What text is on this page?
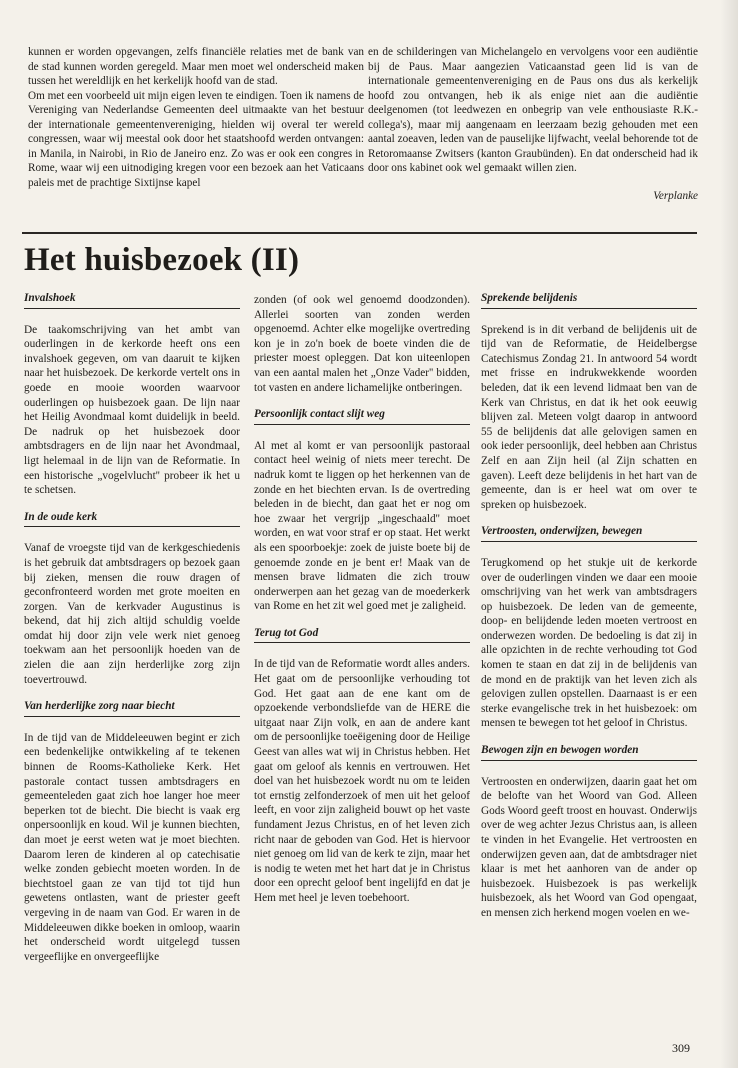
kunnen er worden opgevangen, zelfs financiële relaties met de bank van de stad kunnen worden geregeld. Maar men moet wel onderscheid maken tussen het wereldlijk en het kerkelijk hoofd van de stad.

Om met een voorbeeld uit mijn eigen leven te eindigen. Toen ik namens de Vereniging van Nederlandse Gemeenten deel uitmaakte van het bestuur der internationale gemeentenvereniging, hielden wij overal ter wereld congressen, waar wij meestal ook door het staatshoofd werden ontvangen: in Manila, in Nairobi, in Rio de Janeiro enz. Zo was er ook een congres in Rome, waar wij een uitnodiging kregen voor een bezoek aan het Vaticaans paleis met de prachtige Sixtijnse kapel

en de schilderingen van Michelangelo en vervolgens voor een audiëntie bij de Paus. Maar aangezien Vaticaanstad geen lid is van de internationale gemeentenvereniging en de Paus ons dus als kerkelijk hoofd zou ontvangen, heb ik als enige niet aan die audiëntie deelgenomen (tot leedwezen en onbegrip van vele enthousiaste R.K.-collega's), maar mij aangenaam en leerzaam bezig gehouden met een aantal zoeaven, leden van de pauselijke lijfwacht, veelal behorende tot de Retoromaanse Zwitsers (kanton Graubünden). En dat onderscheid had ik door ons kabinet ook wel gemaakt willen zien.

Verplanke

Het huisbezoek (II)
Invalshoek

De taakomschrijving van het ambt van ouderlingen in de kerkorde heeft ons een invalshoek gegeven, om van daaruit te kijken naar het huisbezoek. De kerkorde vertelt ons in goede en mooie woorden waarvoor ouderlingen op huisbezoek gaan. De lijn naar het Heilig Avondmaal komt duidelijk in beeld. De nadruk op het huisbezoek door ambtsdragers en de lijn naar het Avondmaal, ligt helemaal in de lijn van de Reformatie. In een historische „vogelvlucht'' probeer ik het u te schetsen.

In de oude kerk

Vanaf de vroegste tijd van de kerkgeschiedenis is het gebruik dat ambtsdragers op bezoek gaan bij zieken, mensen die rouw dragen of geconfronteerd worden met grote moeiten en zorgen. Van de kerkvader Augustinus is bekend, dat hij zich altijd schuldig voelde omdat hij door zijn vele werk niet genoeg toekwam aan het persoonlijk hoeden van de zielen die aan zijn herderlijke zorg zijn toevertrouwd.

Van herderlijke zorg naar biecht

In de tijd van de Middeleeuwen begint er zich een bedenkelijke ontwikkeling af te tekenen binnen de Rooms-Katholieke Kerk. Het pastorale contact tussen ambtsdragers en gemeenteleden gaat zich hoe langer hoe meer beperken tot de biecht. Die biecht is vaak erg onpersoonlijk en koud. Wil je kunnen biechten, dan moet je eerst weten wat je moet biechten. Daarom leren de kinderen al op catechisatie welke zonden gebiecht moeten worden. In de biechtstoel gaan ze van tijd tot tijd hun gewetens ontlasten, want de priester geeft vergeving in de naam van God. Er waren in de Middeleeuwen dikke boeken in omloop, waarin het onderscheid wordt uitgelegd tussen vergeeflijke en onvergeeflijke

zonden (of ook wel genoemd doodzonden). Allerlei soorten van zonden werden opgenoemd. Achter elke mogelijke overtreding kon je in zo'n boek de boete vinden die de priester moest opleggen. Dat kon uiteenlopen van een aantal malen het „Onze Vader'' bidden, tot vasten en andere lichamelijke ontberingen.

Persoonlijk contact slijt weg

Al met al komt er van persoonlijk pastoraal contact heel weinig of niets meer terecht. De nadruk komt te liggen op het herkennen van de zonde en het biechten ervan. Is de overtreding beleden in de biecht, dan gaat het er nog om hoe zwaar het vergrijp „ingeschaald'' moet worden, en wat voor straf er op staat. Het werkt als een spoorboekje: zoek de juiste boete bij de genoemde zonde en je bent er! Maak van de mensen brave lidmaten die zich trouw onderwerpen aan het gezag van de moederkerk van Rome en het zit wel goed met je zaligheid.

Terug tot God

In de tijd van de Reformatie wordt alles anders. Het gaat om de persoonlijke verhouding tot God. Het gaat aan de ene kant om de opzoekende verbondsliefde van de HERE die uitgaat naar Zijn volk, en aan de andere kant om de persoonlijke toeëigening door de Heilige Geest van alles wat wij in Christus hebben. Het gaat om geloof als kennis en vertrouwen. Het doel van het huisbezoek wordt nu om te leiden tot ernstig zelfonderzoek of men uit het geloof leeft, en voor zijn zaligheid bouwt op het vaste fundament Jezus Christus, en of het leven zich richt naar de geboden van God. Het is hiervoor niet genoeg om lid van de kerk te zijn, maar het is nodig te weten met het hart dat je in Christus door een oprecht geloof bent ingelijfd en dat je Hem met heel je leven toebehoort.

Sprekende belijdenis

Sprekend is in dit verband de belijdenis uit de tijd van de Reformatie, de Heidelbergse Catechismus Zondag 21. In antwoord 54 wordt met frisse en indrukwekkende woorden beleden, dat ik een levend lidmaat ben van de Kerk van Christus, en dat ik het ook eeuwig blijven zal. Meteen volgt daarop in antwoord 55 de belijdenis dat alle gelovigen samen en ook ieder persoonlijk, deel hebben aan Christus Zelf en aan Zijn heil (al Zijn schatten en gaven). Leeft deze belijdenis in het hart van de gemeente, dan is er heel wat om over te spreken op huisbezoek.

Vertroosten, onderwijzen, bewegen

Terugkomend op het stukje uit de kerkorde over de ouderlingen vinden we daar een mooie omschrijving van het werk van ambtsdragers op huisbezoek. De leden van de gemeente, doop- en belijdende leden moeten vertroost en onderwezen worden. De bedoeling is dat zij in alle opzichten in de rechte verhouding tot God komen te staan en dat zij in de belijdenis van de mond en de praktijk van het leven zich als gelovigen zullen opstellen. Daarnaast is er een sterke evangelische trek in het huisbezoek: om mensen te bewegen tot het geloof in Christus.

Bewogen zijn en bewogen worden

Vertroosten en onderwijzen, daarin gaat het om de belofte van het Woord van God. Alleen Gods Woord geeft troost en houvast. Onderwijs over de weg achter Jezus Christus aan, is alleen te vinden in het Evangelie. Het vertroosten en onderwijzen geven aan, dat de ambtsdrager niet klaar is met het aanhoren van de ander op huisbezoek. Huisbezoek is pas werkelijk huisbezoek, als het Woord van God opengaat, en mensen zich herkend mogen voelen en we-

309
